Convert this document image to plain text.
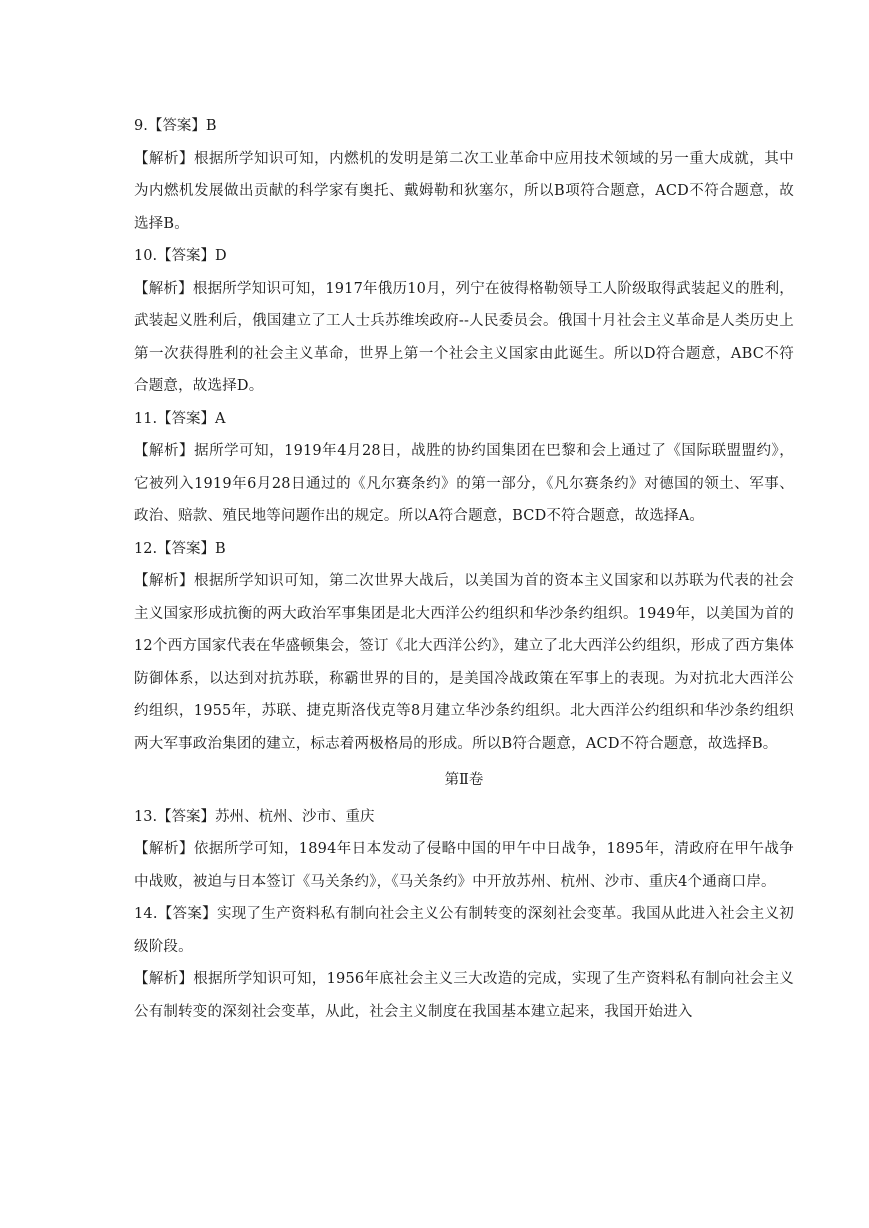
9.【答案】B
【解析】根据所学知识可知，内燃机的发明是第二次工业革命中应用技术领域的另一重大成就，其中为内燃机发展做出贡献的科学家有奥托、戴姆勒和狄塞尔，所以B项符合题意，ACD不符合题意，故选择B。
10.【答案】D
【解析】根据所学知识可知，1917年俄历10月，列宁在彼得格勒领导工人阶级取得武装起义的胜利，武装起义胜利后，俄国建立了工人士兵苏维埃政府--人民委员会。俄国十月社会主义革命是人类历史上第一次获得胜利的社会主义革命，世界上第一个社会主义国家由此诞生。所以D符合题意，ABC不符合题意，故选择D。
11.【答案】A
【解析】据所学可知，1919年4月28日，战胜的协约国集团在巴黎和会上通过了《国际联盟盟约》，它被列入1919年6月28日通过的《凡尔赛条约》的第一部分，《凡尔赛条约》对德国的领土、军事、政治、赔款、殖民地等问题作出的规定。所以A符合题意，BCD不符合题意，故选择A。
12.【答案】B
【解析】根据所学知识可知，第二次世界大战后，以美国为首的资本主义国家和以苏联为代表的社会主义国家形成抗衡的两大政治军事集团是北大西洋公约组织和华沙条约组织。1949年，以美国为首的12个西方国家代表在华盛顿集会，签订《北大西洋公约》，建立了北大西洋公约组织，形成了西方集体防御体系，以达到对抗苏联，称霸世界的目的，是美国冷战政策在军事上的表现。为对抗北大西洋公约组织，1955年，苏联、捷克斯洛伐克等8月建立华沙条约组织。北大西洋公约组织和华沙条约组织两大军事政治集团的建立，标志着两极格局的形成。所以B符合题意，ACD不符合题意，故选择B。
第Ⅱ卷
13.【答案】苏州、杭州、沙市、重庆
【解析】依据所学可知，1894年日本发动了侵略中国的甲午中日战争，1895年，清政府在甲午战争中战败，被迫与日本签订《马关条约》，《马关条约》中开放苏州、杭州、沙市、重庆4个通商口岸。
14.【答案】实现了生产资料私有制向社会主义公有制转变的深刻社会变革。我国从此进入社会主义初级阶段。
【解析】根据所学知识可知，1956年底社会主义三大改造的完成，实现了生产资料私有制向社会主义公有制转变的深刻社会变革，从此，社会主义制度在我国基本建立起来，我国开始进入
